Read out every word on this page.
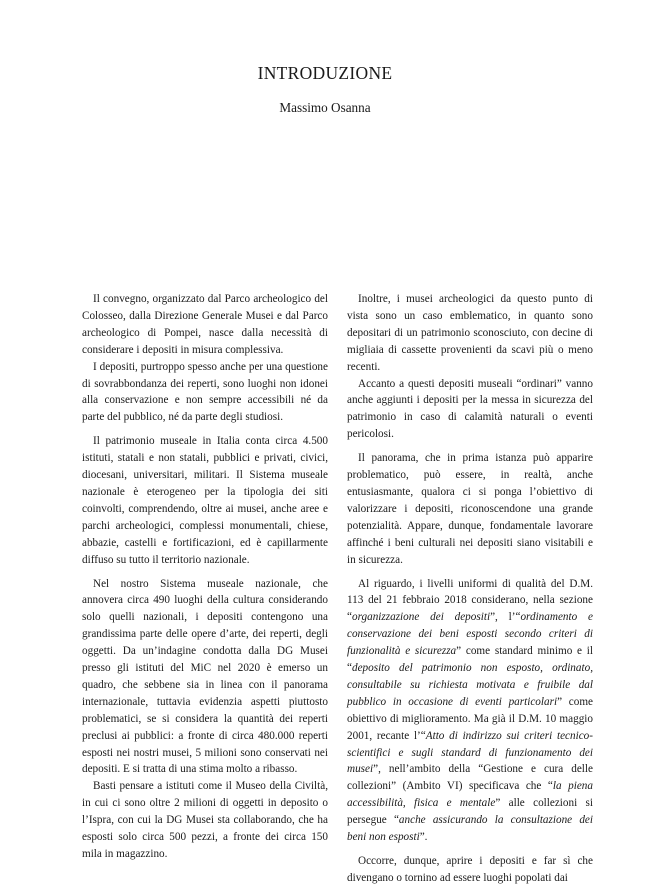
INTRODUZIONE

Massimo Osanna

Il convegno, organizzato dal Parco archeologico del Colosseo, dalla Direzione Generale Musei e dal Parco archeologico di Pompei, nasce dalla necessità di considerare i depositi in misura complessiva.

I depositi, purtroppo spesso anche per una questione di sovrabbondanza dei reperti, sono luoghi non idonei alla conservazione e non sempre accessibili né da parte del pubblico, né da parte degli studiosi.

Il patrimonio museale in Italia conta circa 4.500 istituti, statali e non statali, pubblici e privati, civici, diocesani, universitari, militari. Il Sistema museale nazionale è eterogeneo per la tipologia dei siti coinvolti, comprendendo, oltre ai musei, anche aree e parchi archeologici, complessi monumentali, chiese, abbazie, castelli e fortificazioni, ed è capillarmente diffuso su tutto il territorio nazionale.

Nel nostro Sistema museale nazionale, che annovera circa 490 luoghi della cultura considerando solo quelli nazionali, i depositi contengono una grandissima parte delle opere d’arte, dei reperti, degli oggetti. Da un’indagine condotta dalla DG Musei presso gli istituti del MiC nel 2020 è emerso un quadro, che sebbene sia in linea con il panorama internazionale, tuttavia evidenzia aspetti piuttosto problematici, se si considera la quantità dei reperti preclusi ai pubblici: a fronte di circa 480.000 reperti esposti nei nostri musei, 5 milioni sono conservati nei depositi. E si tratta di una stima molto a ribasso.

Basti pensare a istituti come il Museo della Civiltà, in cui ci sono oltre 2 milioni di oggetti in deposito o l’Ispra, con cui la DG Musei sta collaborando, che ha esposti solo circa 500 pezzi, a fronte dei circa 150 mila in magazzino.

Inoltre, i musei archeologici da questo punto di vista sono un caso emblematico, in quanto sono depositari di un patrimonio sconosciuto, con decine di migliaia di cassette provenienti da scavi più o meno recenti.

Accanto a questi depositi museali “ordinari” vanno anche aggiunti i depositi per la messa in sicurezza del patrimonio in caso di calamità naturali o eventi pericolosi.

Il panorama, che in prima istanza può apparire problematico, può essere, in realtà, anche entusiasmante, qualora ci si ponga l’obiettivo di valorizzare i depositi, riconoscendone una grande potenzialità. Appare, dunque, fondamentale lavorare affinché i beni culturali nei depositi siano visitabili e in sicurezza.

Al riguardo, i livelli uniformi di qualità del D.M. 113 del 21 febbraio 2018 considerano, nella sezione “organizzazione dei depositi”, l’“ordinamento e conservazione dei beni esposti secondo criteri di funzionalità e sicurezza” come standard minimo e il “deposito del patrimonio non esposto, ordinato, consultabile su richiesta motivata e fruibile dal pubblico in occasione di eventi particolari” come obiettivo di miglioramento. Ma già il D.M. 10 maggio 2001, recante l’“Atto di indirizzo sui criteri tecnico-scientifici e sugli standard di funzionamento dei musei”, nell’ambito della “Gestione e cura delle collezioni” (Ambito VI) specificava che “la piena accessibilità, fisica e mentale” alle collezioni si persegue “anche assicurando la consultazione dei beni non esposti”.

Occorre, dunque, aprire i depositi e far sì che divengano o tornino ad essere luoghi popolati dai
